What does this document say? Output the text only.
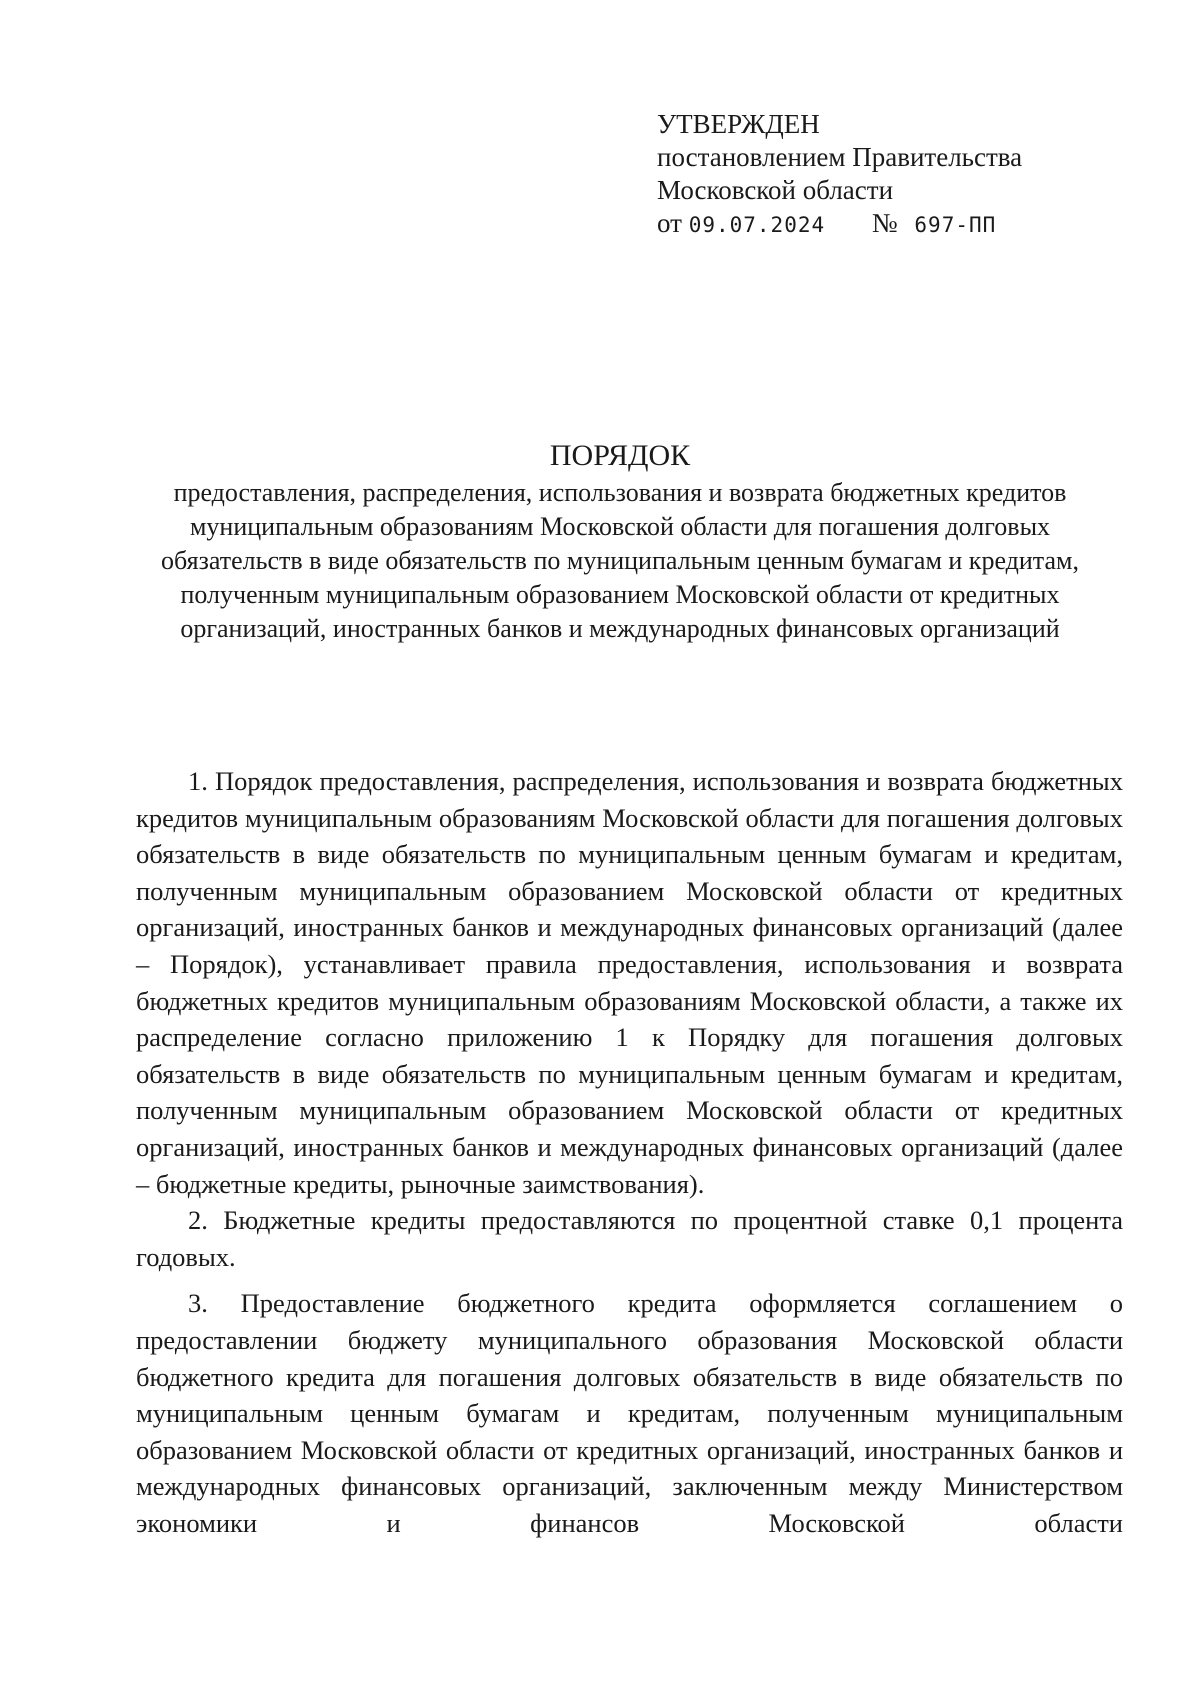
УТВЕРЖДЕН
постановлением Правительства
Московской области
от 09.07.2024 № 697-ПП
ПОРЯДОК

предоставления, распределения, использования и возврата бюджетных кредитов муниципальным образованиям Московской области для погашения долговых обязательств в виде обязательств по муниципальным ценным бумагам и кредитам, полученным муниципальным образованием Московской области от кредитных организаций, иностранных банков и международных финансовых организаций

1. Порядок предоставления, распределения, использования и возврата бюджетных кредитов муниципальным образованиям Московской области для погашения долговых обязательств в виде обязательств по муниципальным ценным бумагам и кредитам, полученным муниципальным образованием Московской области от кредитных организаций, иностранных банков и международных финансовых организаций (далее – Порядок), устанавливает правила предоставления, использования и возврата бюджетных кредитов муниципальным образованиям Московской области, а также их распределение согласно приложению 1 к Порядку для погашения долговых обязательств в виде обязательств по муниципальным ценным бумагам и кредитам, полученным муниципальным образованием Московской области от кредитных организаций, иностранных банков и международных финансовых организаций (далее – бюджетные кредиты, рыночные заимствования).

2. Бюджетные кредиты предоставляются по процентной ставке 0,1 процента годовых.

3. Предоставление бюджетного кредита оформляется соглашением о предоставлении бюджету муниципального образования Московской области бюджетного кредита для погашения долговых обязательств в виде обязательств по муниципальным ценным бумагам и кредитам, полученным муниципальным образованием Московской области от кредитных организаций, иностранных банков и международных финансовых организаций, заключенным между Министерством экономики и финансов Московской области
